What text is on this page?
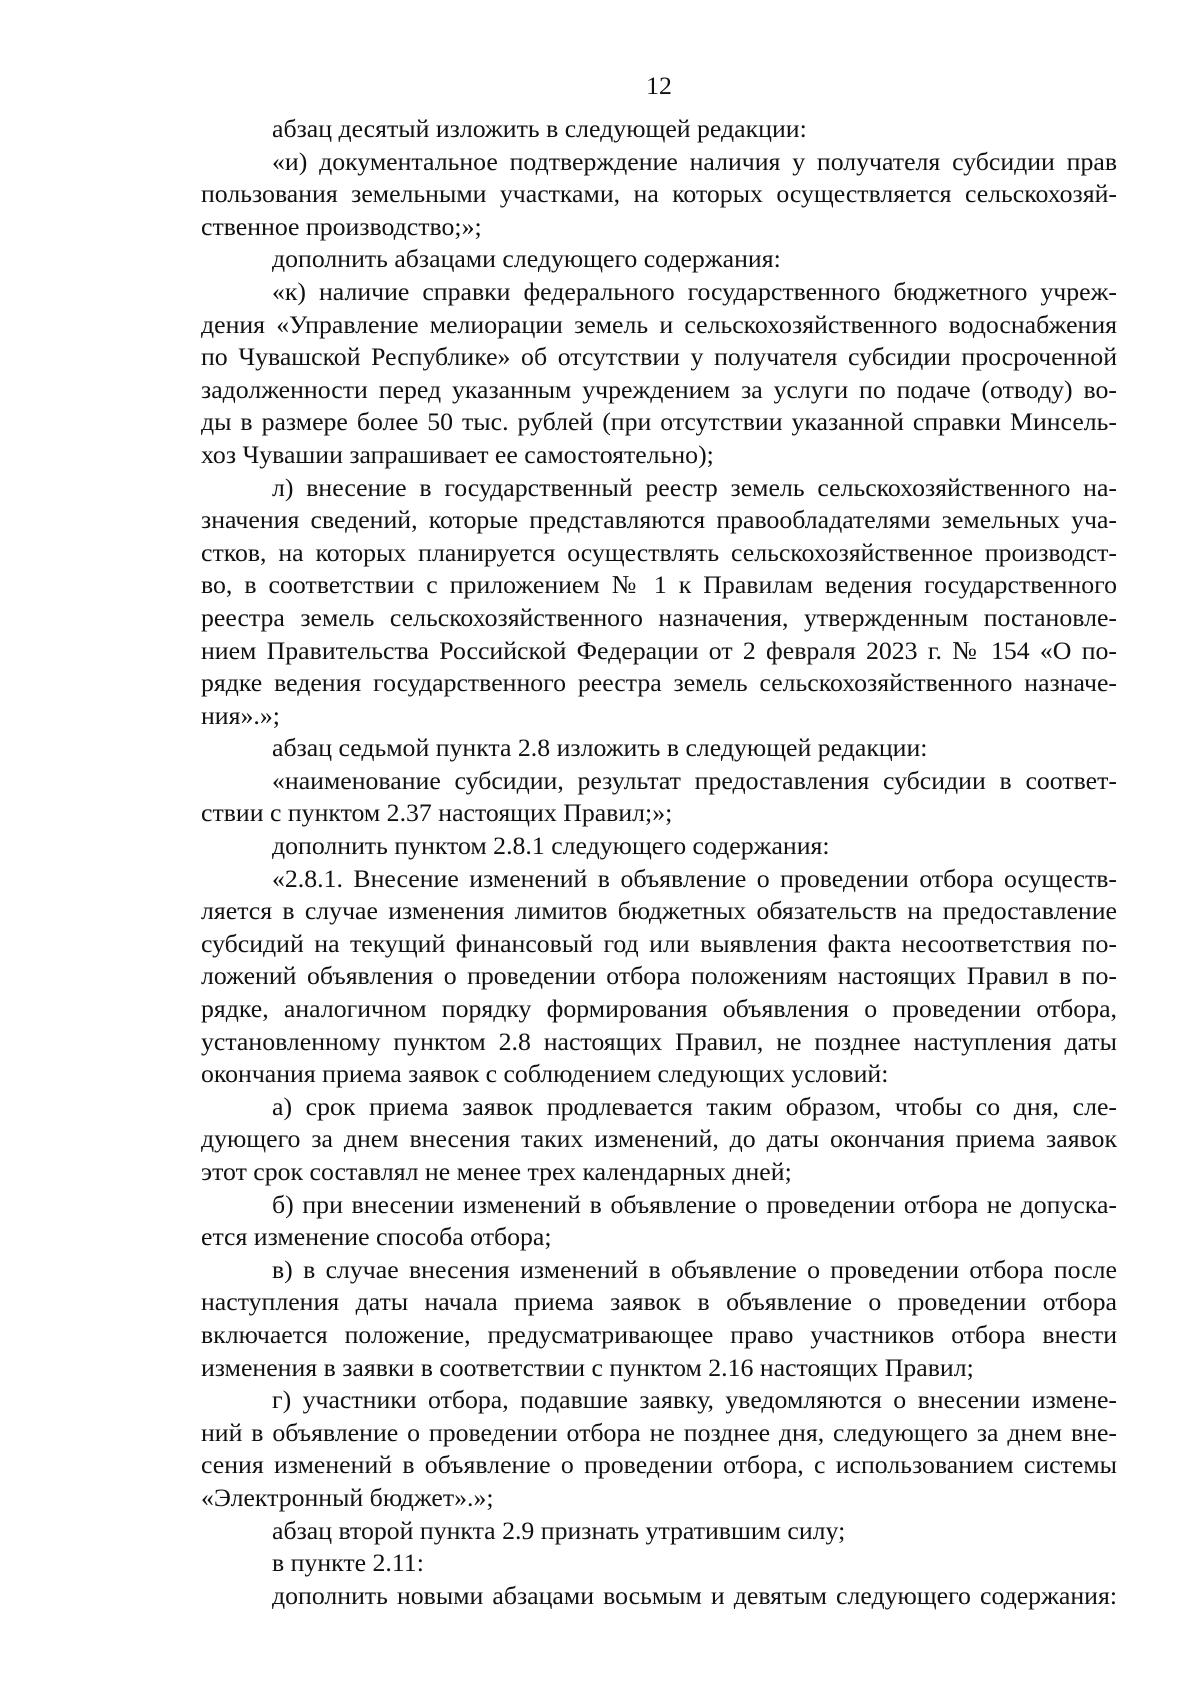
12
абзац десятый изложить в следующей редакции:
«и) документальное подтверждение наличия у получателя субсидии прав
пользования земельными участками, на которых осуществляется сельскохозяй-
ственное производство;»;
дополнить абзацами следующего содержания:
«к) наличие справки федерального государственного бюджетного учреж-
дения «Управление мелиорации земель и сельскохозяйственного водоснабжения
по Чувашской Республике» об отсутствии у получателя субсидии просроченной
задолженности перед указанным учреждением за услуги по подаче (отводу) во-
ды в размере более 50 тыс. рублей (при отсутствии указанной справки Минсель-
хоз Чувашии запрашивает ее самостоятельно);
л) внесение в государственный реестр земель сельскохозяйственного на-
значения сведений, которые представляются правообладателями земельных уча-
стков, на которых планируется осуществлять сельскохозяйственное производст-
во, в соответствии с приложением № 1 к Правилам ведения государственного
реестра земель сельскохозяйственного назначения, утвержденным постановле-
нием Правительства Российской Федерации от 2 февраля 2023 г. № 154 «О по-
рядке ведения государственного реестра земель сельскохозяйственного назначе-
ния».»;
абзац седьмой пункта 2.8 изложить в следующей редакции:
«наименование субсидии, результат предоставления субсидии в соответ-
ствии с пунктом 2.37 настоящих Правил;»;
дополнить пунктом 2.8.1 следующего содержания:
«2.8.1. Внесение изменений в объявление о проведении отбора осуществ-
ляется в случае изменения лимитов бюджетных обязательств на предоставление
субсидий на текущий финансовый год или выявления факта несоответствия по-
ложений объявления о проведении отбора положениям настоящих Правил в по-
рядке, аналогичном порядку формирования объявления о проведении отбора,
установленному пунктом 2.8 настоящих Правил, не позднее наступления даты
окончания приема заявок с соблюдением следующих условий:
а) срок приема заявок продлевается таким образом, чтобы со дня, сле-
дующего за днем внесения таких изменений, до даты окончания приема заявок
этот срок составлял не менее трех календарных дней;
б) при внесении изменений в объявление о проведении отбора не допуска-
ется изменение способа отбора;
в) в случае внесения изменений в объявление о проведении отбора после
наступления даты начала приема заявок в объявление о проведении отбора
включается положение, предусматривающее право участников отбора внести
изменения в заявки в соответствии с пунктом 2.16 настоящих Правил;
г) участники отбора, подавшие заявку, уведомляются о внесении измене-
ний в объявление о проведении отбора не позднее дня, следующего за днем вне-
сения изменений в объявление о проведении отбора, с использованием системы
«Электронный бюджет».»;
абзац второй пункта 2.9 признать утратившим силу;
в пункте 2.11:
дополнить новыми абзацами восьмым и девятым следующего содержания:
